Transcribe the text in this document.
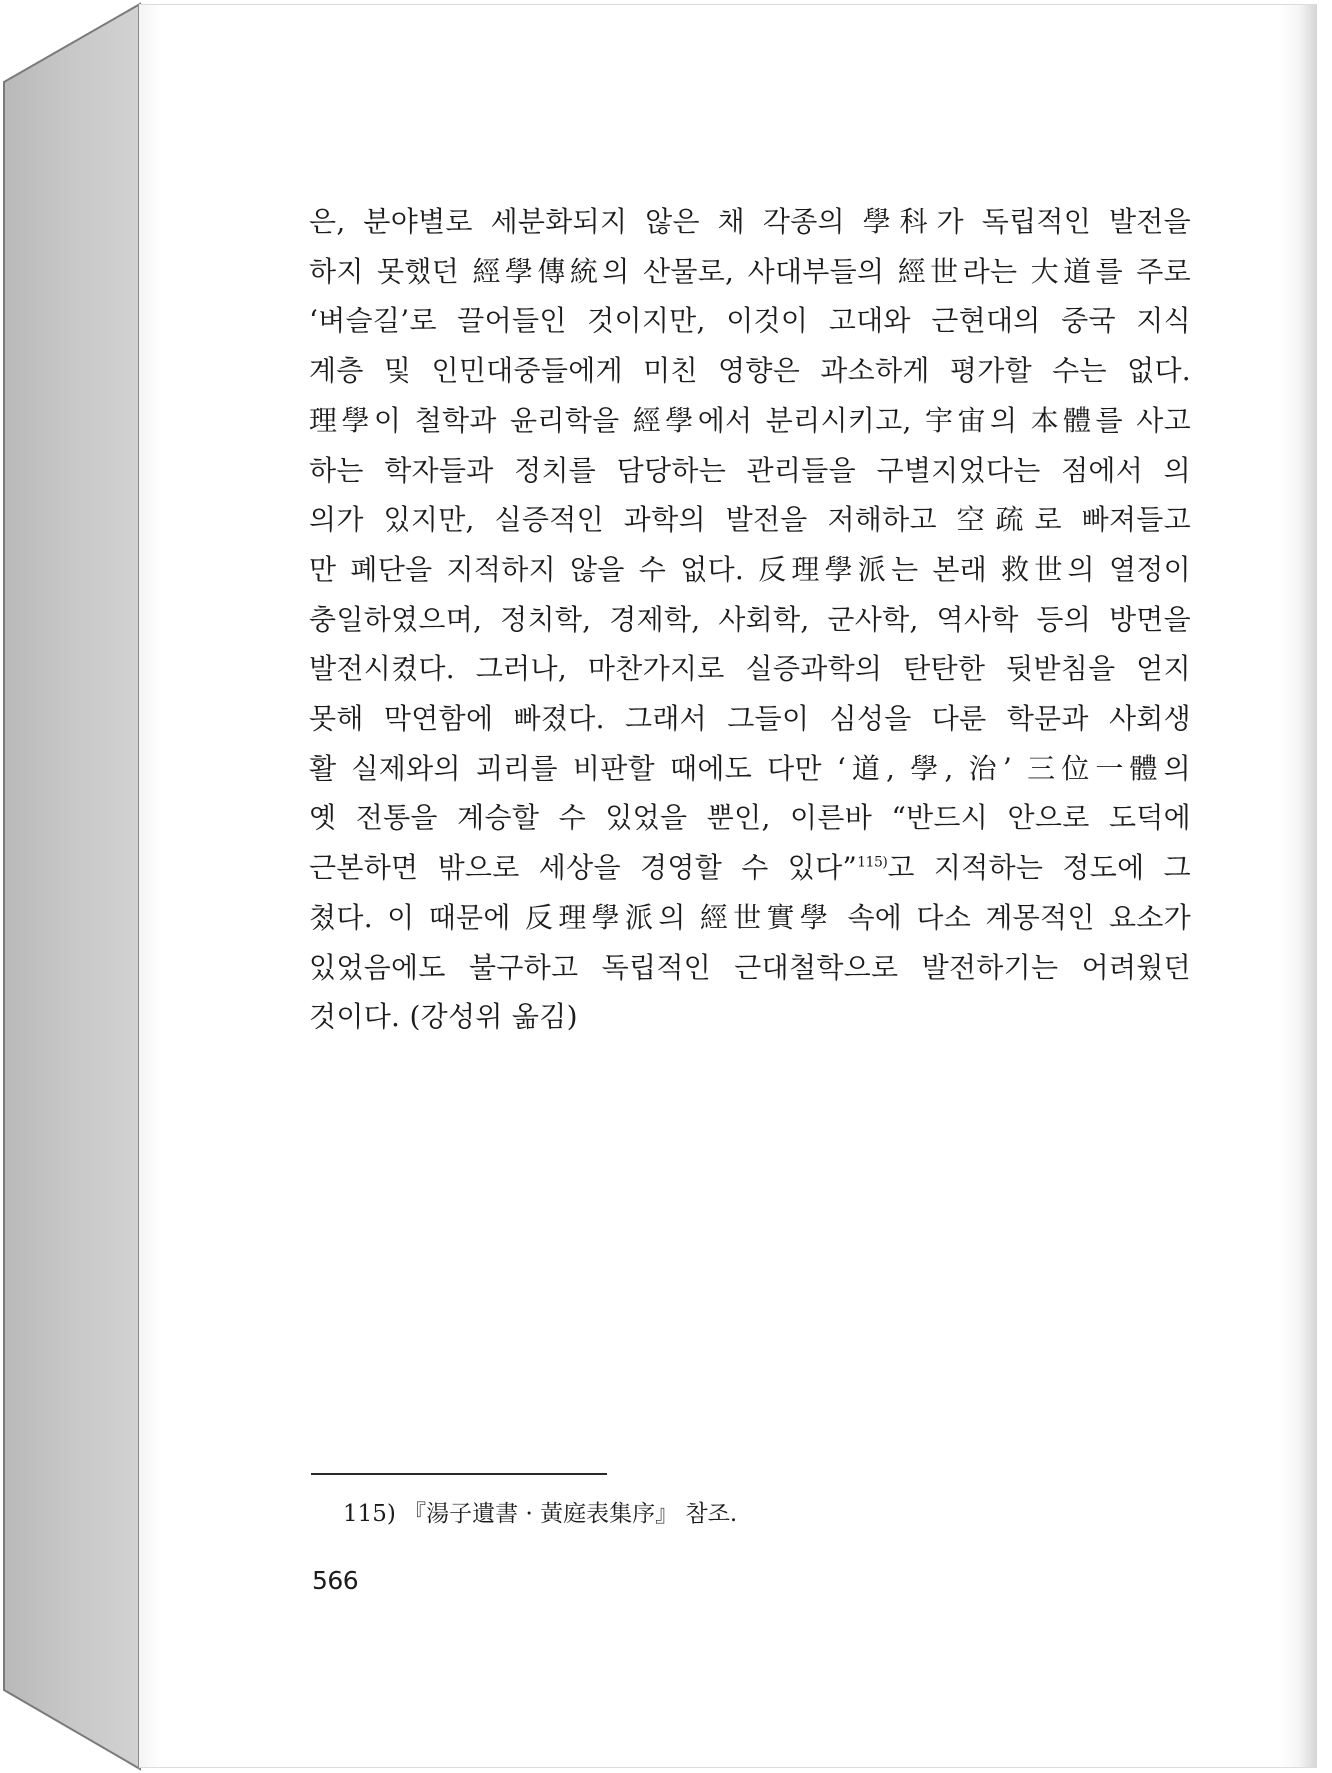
은, 분야별로 세분화되지 않은 채 각종의 學科가 독립적인 발전을
하지 못했던 經學傳統의 산물로, 사대부들의 經世라는 大道를 주로
‘벼슬길’로 끌어들인 것이지만, 이것이 고대와 근현대의 중국 지식
계층 및 인민대중들에게 미친 영향은 과소하게 평가할 수는 없다.
理學이 철학과 윤리학을 經學에서 분리시키고, 宇宙의 本體를 사고
하는 학자들과 정치를 담당하는 관리들을 구별지었다는 점에서 의
의가 있지만, 실증적인 과학의 발전을 저해하고 空疏로 빠져들고
만 폐단을 지적하지 않을 수 없다. 反理學派는 본래 救世의 열정이
충일하였으며, 정치학, 경제학, 사회학, 군사학, 역사학 등의 방면을
발전시켰다. 그러나, 마찬가지로 실증과학의 탄탄한 뒷받침을 얻지
못해 막연함에 빠졌다. 그래서 그들이 심성을 다룬 학문과 사회생
활 실제와의 괴리를 비판할 때에도 다만 ‘道, 學, 治’ 三位一體의
옛 전통을 계승할 수 있었을 뿐인, 이른바 “반드시 안으로 도덕에
근본하면 밖으로 세상을 경영할 수 있다”$^{115)}$고 지적하는 정도에 그
쳤다. 이 때문에 反理學派의 經世實學 속에 다소 계몽적인 요소가
있었음에도 불구하고 독립적인 근대철학으로 발전하기는 어려웠던
것이다. (강성위 옮김)
115) 『湯子遺書 · 黃庭表集序』 참조.
566
